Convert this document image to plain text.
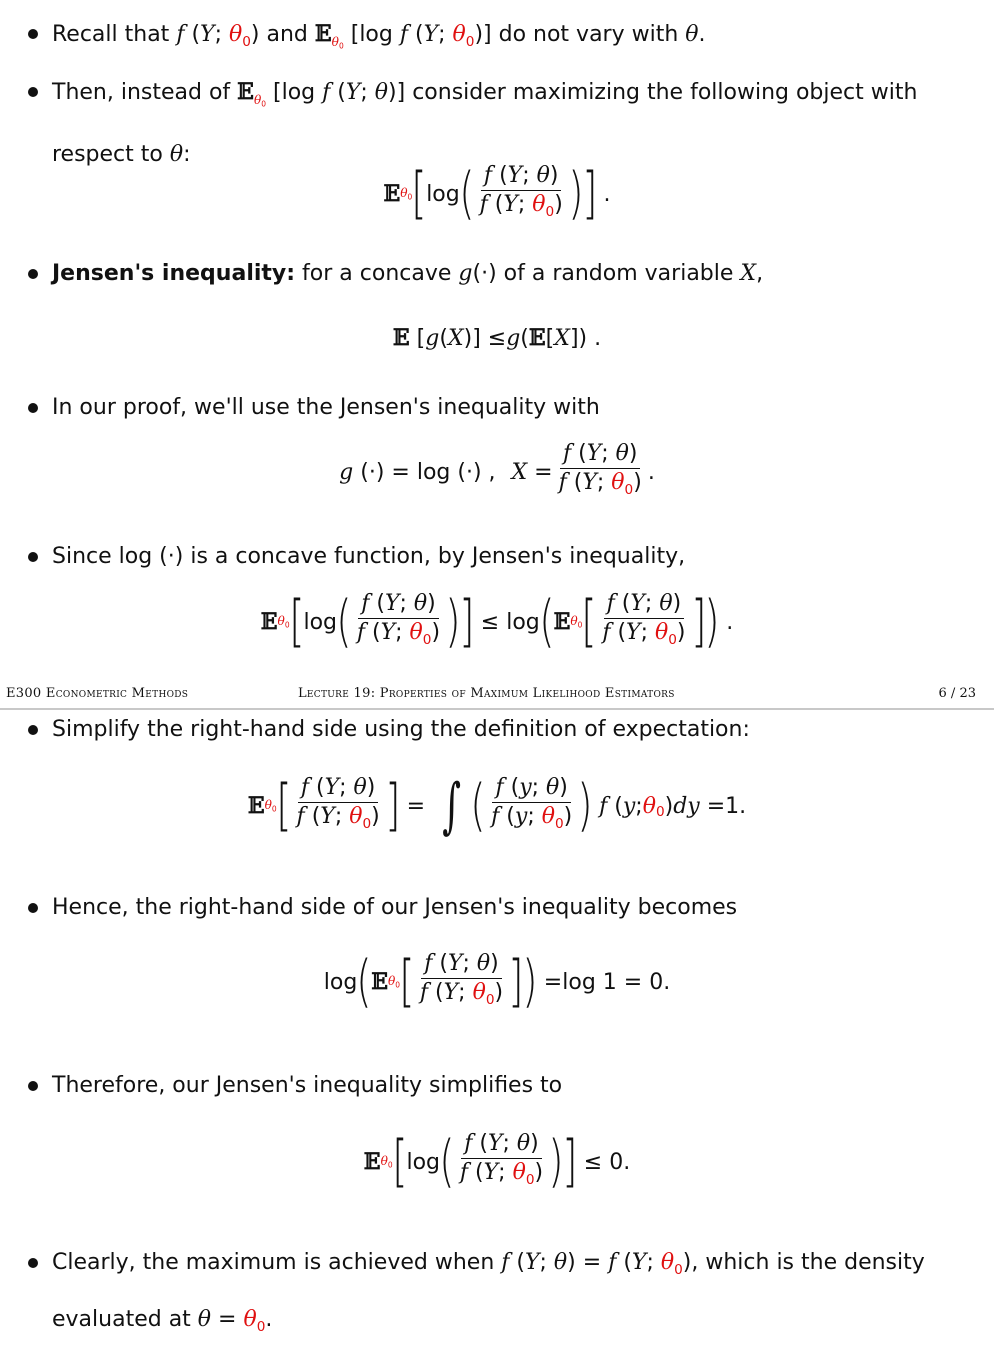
Recall that f (Y; $\theta_0$) and 𝔼$_{\theta_0}$ [log f (Y; $\theta_0$)] do not vary with θ.
Then, instead of 𝔼$_{\theta_0}$ [log f (Y; θ)] consider maximizing the following object with
respect to θ:
𝔼 $\theta_0$ [ log ( $\frac{f (Y; \theta)}{f (Y; \theta_0)}$ )
] .
Jensen's inequality: for a concave g(·) of a random variable X,
𝔼 [ g ( X )] ≤ g ( 𝔼 [ X ]) .
In our proof, we'll use the Jensen's inequality with
g (·) = log (·) , $X = \frac{f (Y; \theta)}{f (Y; \theta_0)}$ .
Since log (·) is a concave function, by Jensen's inequality,
𝔼 $\theta_0$ [ log ( $\frac{f (Y; \theta)}{f (Y; \theta_0)}$ )
] ≤ log ( 𝔼 $\theta_0$ [ $\frac{f (Y; \theta)}{f (Y; \theta_0)}$ ]
) .
E300 Econometric Methods	Lecture 19: Properties of Maximum Likelihood Estimators	6 / 23
Simplify the right-hand side using the definition of expectation:
𝔼 $\theta_0$ [ $\frac{f (Y; \theta)}{f (Y; \theta_0)}$ ] = ∫ ( $\frac{f (y; \theta)}{f (y; \theta_0)}$ )
f ( y ; θ $_0$ ) dy = 1 .
Hence, the right-hand side of our Jensen's inequality becomes
log ( 𝔼 $\theta_0$ [ $\frac{f (Y; \theta)}{f (Y; \theta_0)}$ ]
) = log 1 = 0.
Therefore, our Jensen's inequality simplifies to
𝔼 $\theta_0$ [ log ( $\frac{f (Y; \theta)}{f (Y; \theta_0)}$ )
] ≤ 0.
Clearly, the maximum is achieved when f (Y; θ) = f (Y; $\theta_0$), which is the density
evaluated at $\theta = \theta_0$.
